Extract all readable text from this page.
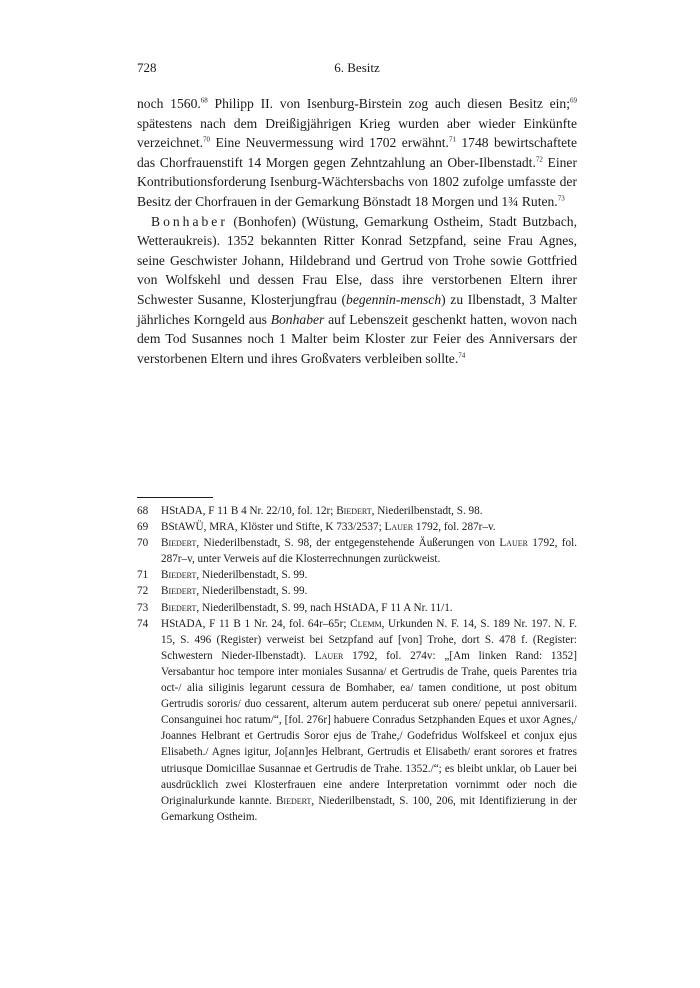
728	6. Besitz

noch 1560.68 Philipp II. von Isenburg-Birstein zog auch diesen Besitz ein;$^{69}$ spätestens nach dem Dreißigjährigen Krieg wurden aber wieder Einkünfte verzeichnet.$^{70}$ Eine Neuvermessung wird 1702 erwähnt.$^{71}$ 1748 bewirtschaftete das Chorfrauenstift 14 Morgen gegen Zehntzahlung an Ober-Ilbenstadt.$^{72}$ Einer Kontributionsforderung Isenburg-Wächtersbachs von 1802 zufolge umfasste der Besitz der Chorfrauen in der Gemarkung Bönstadt 18 Morgen und 1¾ Ruten.$^{73}$

Bonhaber (Bonhofen) (Wüstung, Gemarkung Ostheim, Stadt Butzbach, Wetteraukreis). 1352 bekannten Ritter Konrad Setzpfand, seine Frau Agnes, seine Geschwister Johann, Hildebrand und Gertrud von Trohe sowie Gottfried von Wolfskehl und dessen Frau Else, dass ihre verstorbenen Eltern ihrer Schwester Susanne, Klosterjungfrau (begennin-mensch) zu Ilbenstadt, 3 Malter jährliches Korngeld aus Bonhaber auf Lebenszeit geschenkt hatten, wovon nach dem Tod Susannes noch 1 Malter beim Kloster zur Feier des Anniversars der verstorbenen Eltern und ihres Großvaters verbleiben sollte.$^{74}$

68 HStADA, F 11 B 4 Nr. 22/10, fol. 12r; Biedert, Niederilbenstadt, S. 98.
69 BStAWÜ, MRA, Klöster und Stifte, K 733/2537; Lauer 1792, fol. 287r–v.
70 Biedert, Niederilbenstadt, S. 98, der entgegenstehende Äußerungen von Lauer 1792, fol. 287r–v, unter Verweis auf die Klosterrechnungen zurückweist.
71 Biedert, Niederilbenstadt, S. 99.
72 Biedert, Niederilbenstadt, S. 99.
73 Biedert, Niederilbenstadt, S. 99, nach HStADA, F 11 A Nr. 11/1.
74 HStADA, F 11 B 1 Nr. 24, fol. 64r–65r; Clemm, Urkunden N. F. 14, S. 189 Nr. 197. N. F. 15, S. 496 (Register) verweist bei Setzpfand auf [von] Trohe, dort S. 478 f. (Register: Schwestern Nieder-Ilbenstadt). Lauer 1792, fol. 274v: „[Am linken Rand: 1352] Versabantur hoc tempore inter moniales Susanna/ et Gertrudis de Trahe, queis Parentes tria oct-/ alia siliginis legarunt cessura de Bomhaber, ea/ tamen conditione, ut post obitum Gertrudis sororis/ duo cessarent, alterum autem perducerat sub onere/ pepetui anniversarii. Consanguinei hoc ratum/“, [fol. 276r] habuere Conradus Setzphanden Eques et uxor Agnes,/ Joannes Helbrant et Gertrudis Soror ejus de Trahe,/ Godefridus Wolfskeel et conjux ejus Elisabeth./ Agnes igitur, Jo[ann]es Helbrant, Gertrudis et Elisabeth/ erant sorores et fratres utriusque Domicillae Susannae et Gertrudis de Trahe. 1352./“; es bleibt unklar, ob Lauer bei ausdrücklich zwei Klosterfrauen eine andere Interpretation vornimmt oder noch die Originalurkunde kannte. Biedert, Niederilbenstadt, S. 100, 206, mit Identifizierung in der Gemarkung Ostheim.
